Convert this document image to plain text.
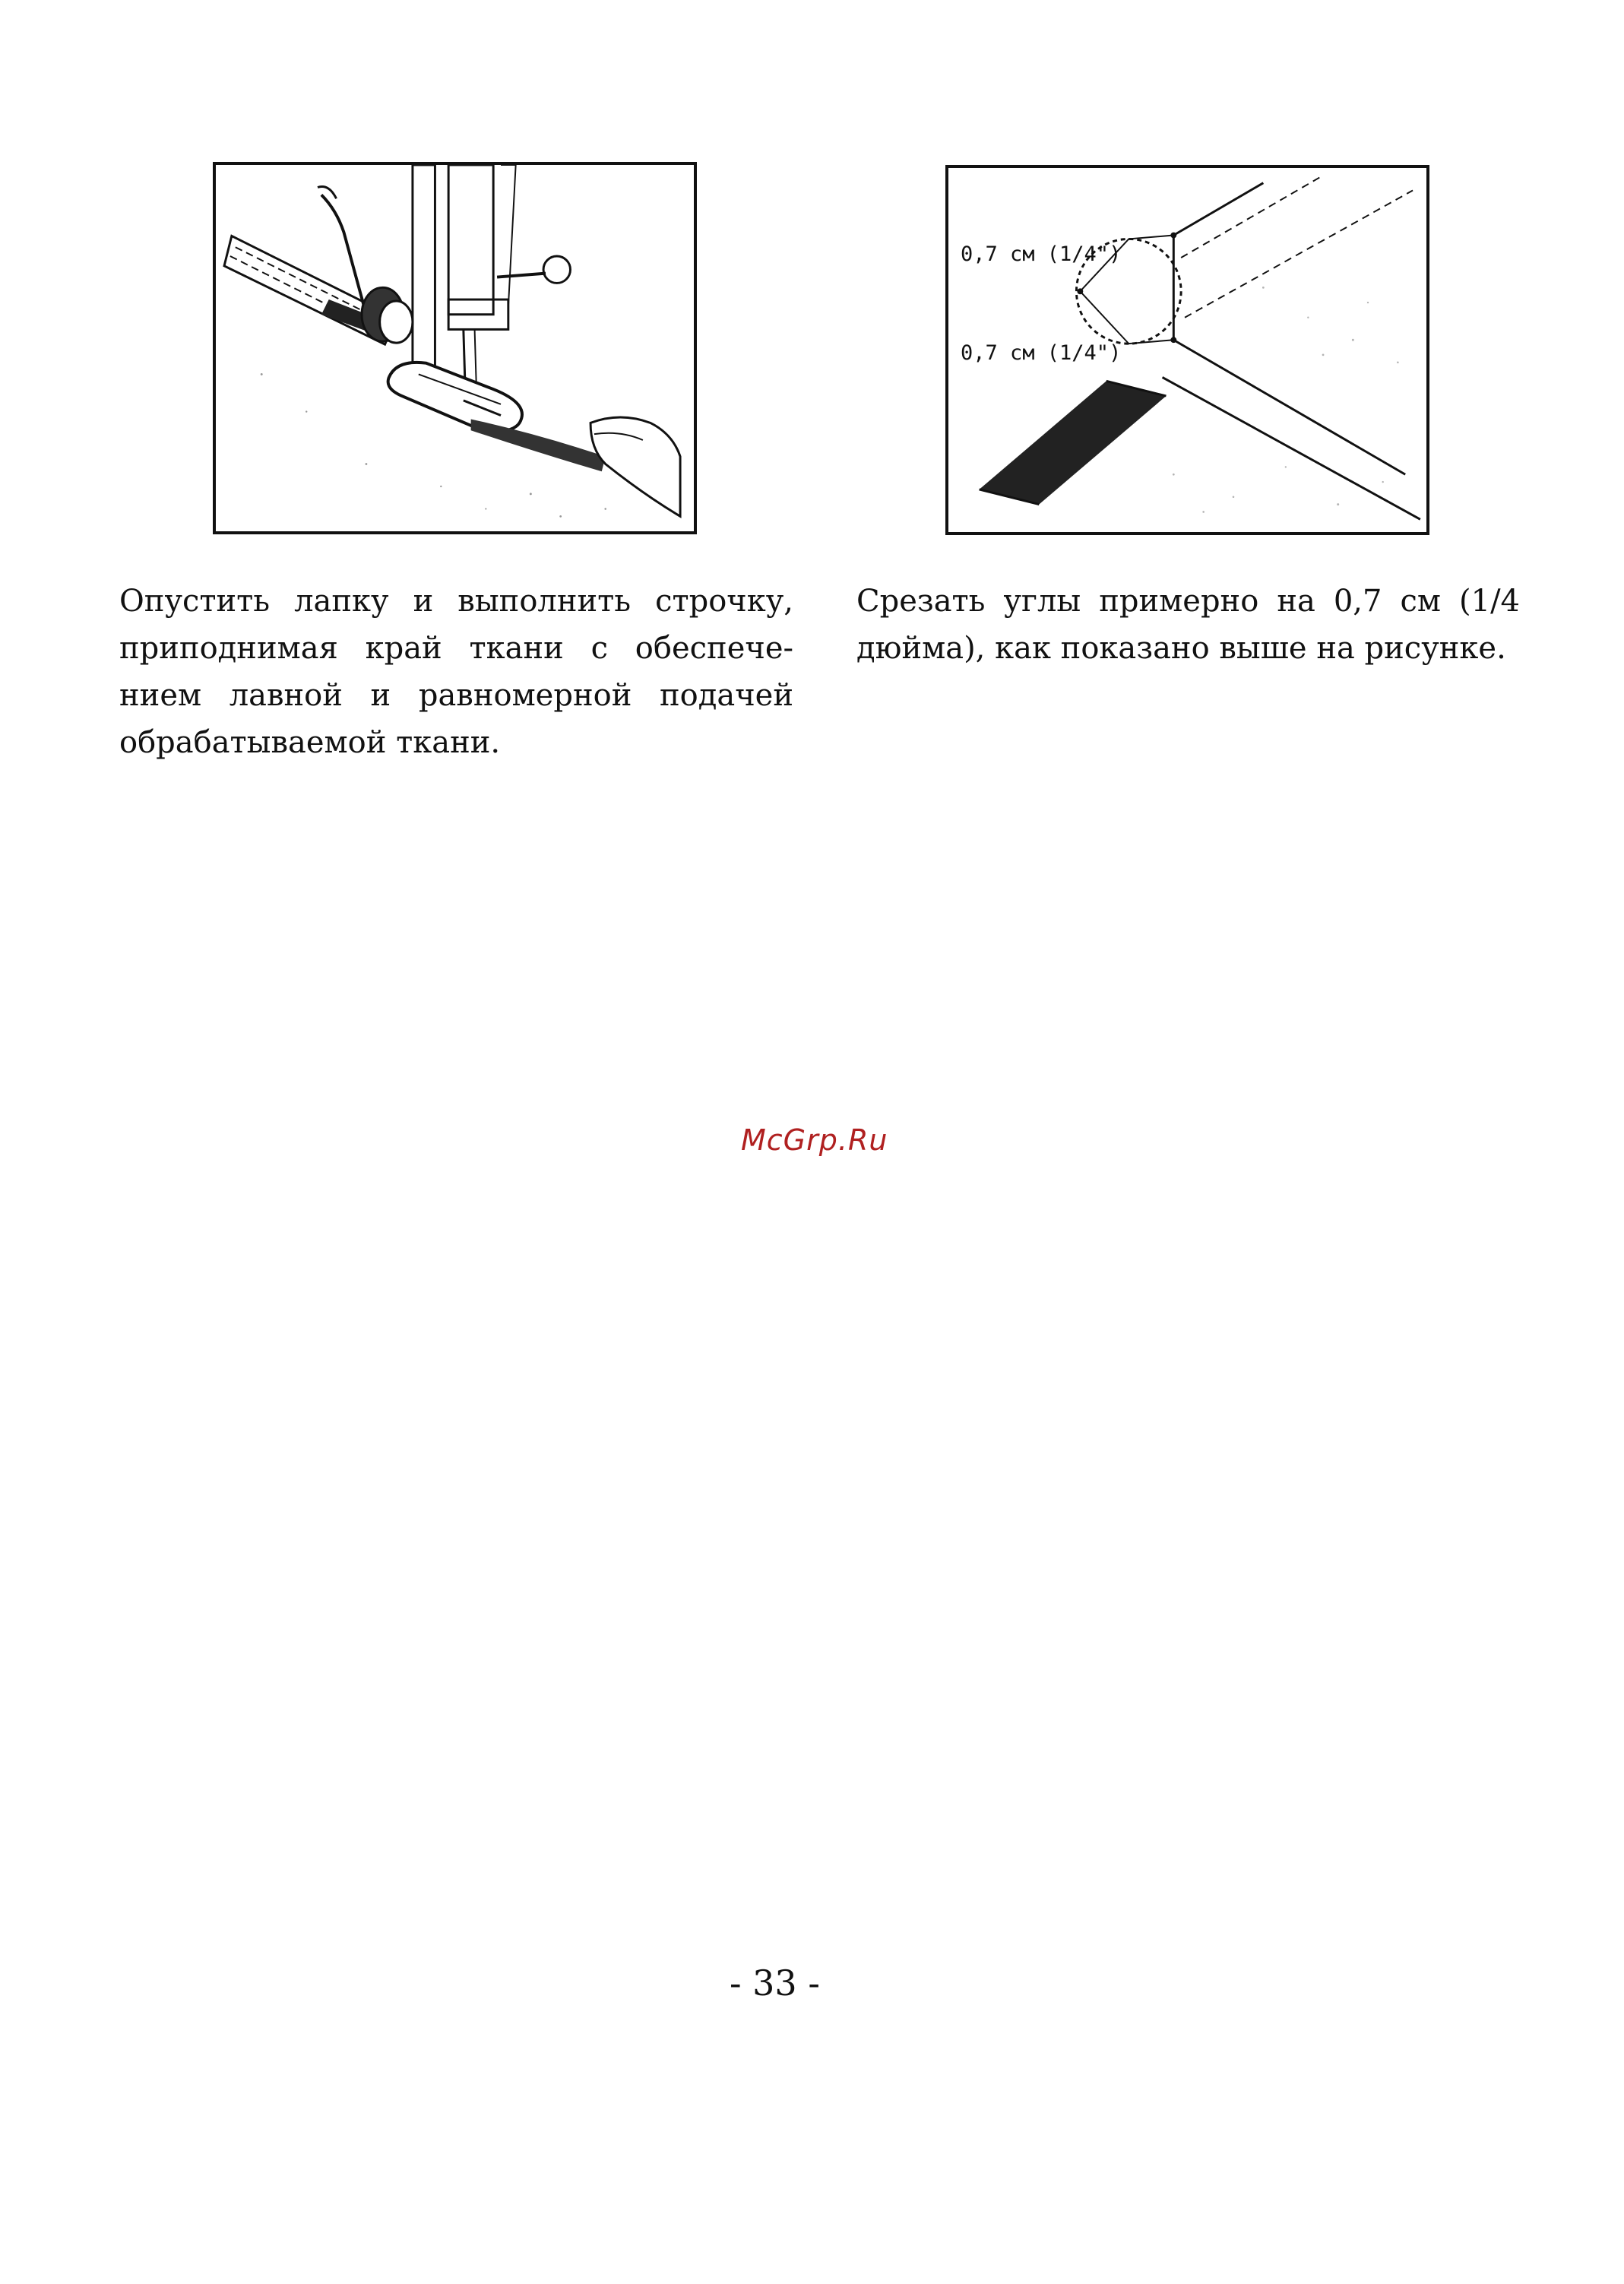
0,7 см (1/4")
0,7 см (1/4")
Опустить лапку и выполнить строчку,
приподнимая край ткани с обеспече-
нием лавной и равномерной подачей
обрабатываемой ткани.
Срезать углы примерно на 0,7 см (1/4
дюйма), как показано выше на рисунке.
McGrp.Ru
- 33 -
